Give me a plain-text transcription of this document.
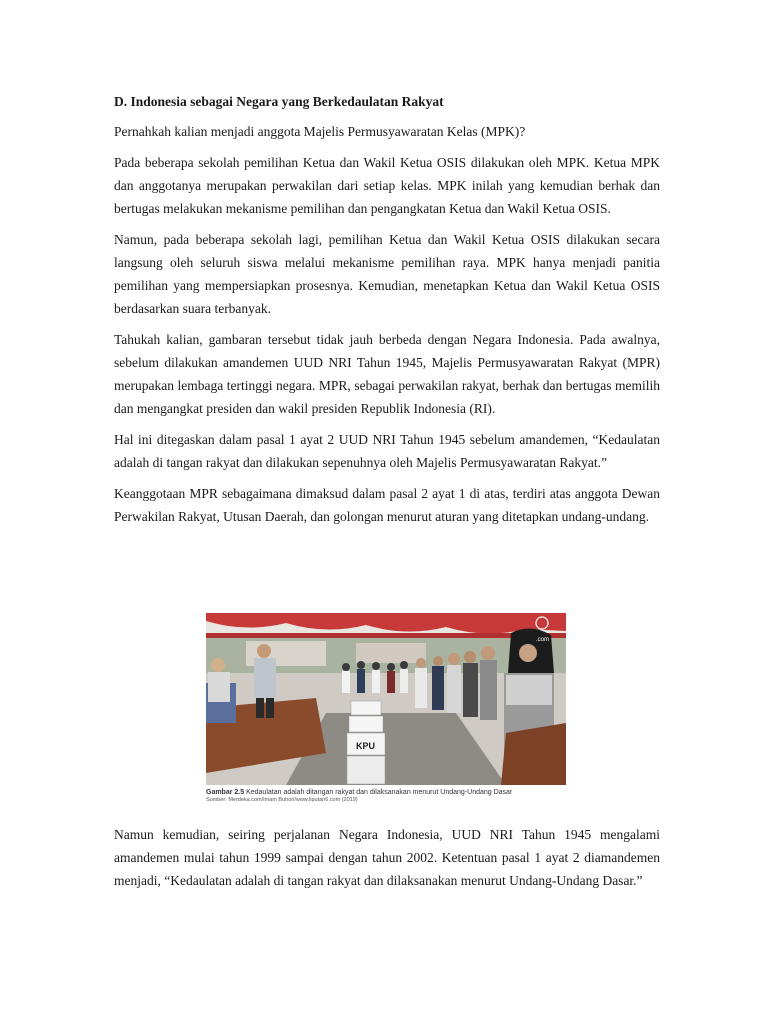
D. Indonesia sebagai Negara yang Berkedaulatan Rakyat

Pernahkah kalian menjadi anggota Majelis Permusyawaratan Kelas (MPK)?

Pada beberapa sekolah pemilihan Ketua dan Wakil Ketua OSIS dilakukan oleh MPK. Ketua MPK dan anggotanya merupakan perwakilan dari setiap kelas. MPK inilah yang kemudian berhak dan bertugas melakukan mekanisme pemilihan dan pengangkatan Ketua dan Wakil Ketua OSIS.

Namun, pada beberapa sekolah lagi, pemilihan Ketua dan Wakil Ketua OSIS dilakukan secara langsung oleh seluruh siswa melalui mekanisme pemilihan raya. MPK hanya menjadi panitia pemilihan yang mempersiapkan prosesnya. Kemudian, menetapkan Ketua dan Wakil Ketua OSIS berdasarkan suara terbanyak.

Tahukah kalian, gambaran tersebut tidak jauh berbeda dengan Negara Indonesia. Pada awalnya, sebelum dilakukan amandemen UUD NRI Tahun 1945, Majelis Permusyawaratan Rakyat (MPR) merupakan lembaga tertinggi negara. MPR, sebagai perwakilan rakyat, berhak dan bertugas memilih dan mengangkat presiden dan wakil presiden Republik Indonesia (RI).

Hal ini ditegaskan dalam pasal 1 ayat 2 UUD NRI Tahun 1945 sebelum amandemen, “Kedaulatan adalah di tangan rakyat dan dilakukan sepenuhnya oleh Majelis Permusyawaratan Rakyat.”

Keanggotaan MPR sebagaimana dimaksud dalam pasal 2 ayat 1 di atas, terdiri atas anggota Dewan Perwakilan Rakyat, Utusan Daerah, dan golongan menurut aturan yang ditetapkan undang-undang.

KPU
.com
Gambar 2.5 Kedaulatan adalah ditangan rakyat dan dilaksanakan menurut Undang-Undang Dasar
Sumber: Merdeka.com/Imam Buhori/www.liputan6.com (2019)

Namun kemudian, seiring perjalanan Negara Indonesia, UUD NRI Tahun 1945 mengalami amandemen mulai tahun 1999 sampai dengan tahun 2002. Ketentuan pasal 1 ayat 2 diamandemen menjadi, “Kedaulatan adalah di tangan rakyat dan dilaksanakan menurut Undang-Undang Dasar.”
